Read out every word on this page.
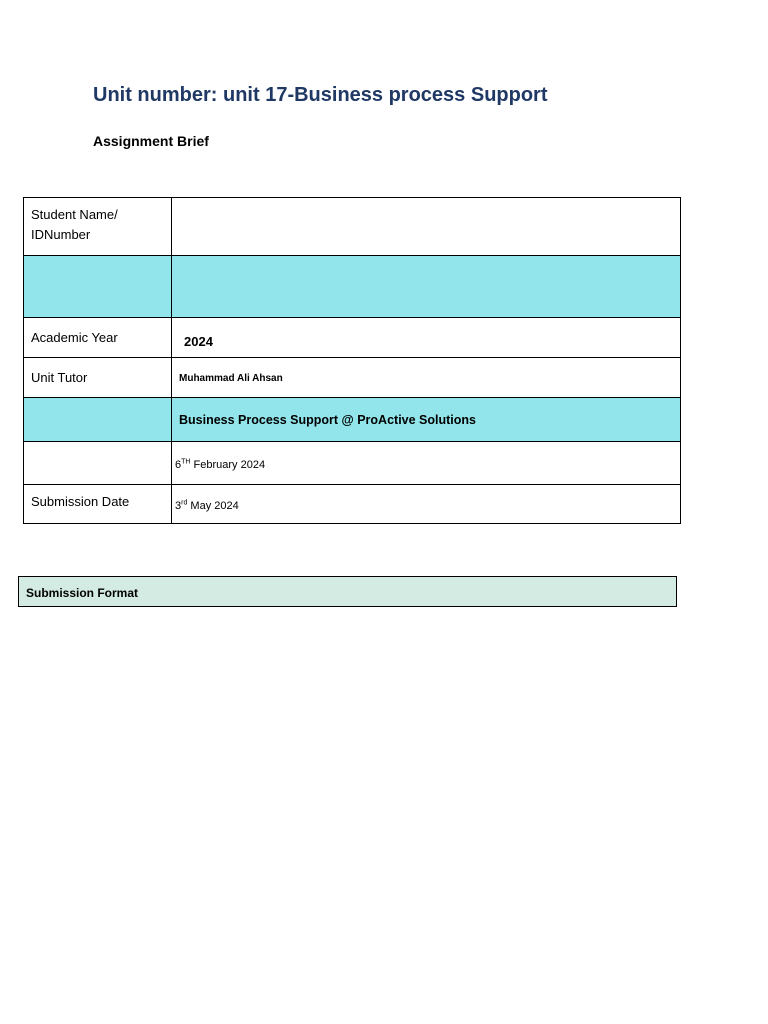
Unit number: unit 17-Business process Support

Assignment Brief

Student Name/ IDNumber	

Academic Year	2024
Unit Tutor	Muhammad Ali Ahsan
	Business Process Support @ ProActive Solutions
	6TH February 2024
Submission Date	3rd May 2024
Submission Format
